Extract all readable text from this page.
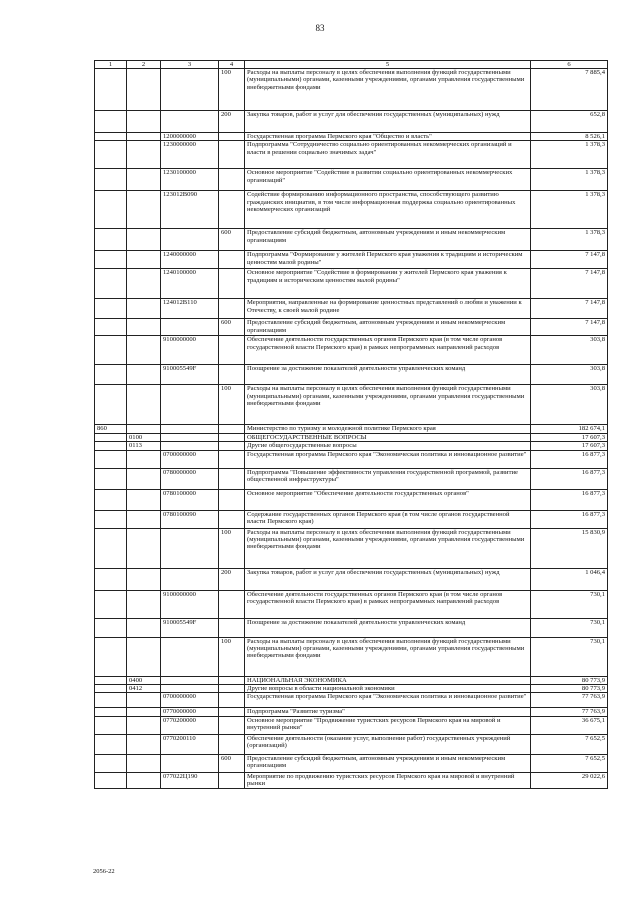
83
1	2	3	4	5	6
			100	Расходы на выплаты персоналу в целях обеспечения выполнения функций государственными (муниципальными) органами, казенными учреждениями, органами управления государственными внебюджетными фондами	7 885,4
			200	Закупка товаров, работ и услуг для обеспечения государственных (муниципальных) нужд	652,8
		1200000000		Государственная программа Пермского края "Общество и власть"	8 526,1
		1230000000		Подпрограмма "Сотрудничество социально ориентированных некоммерческих организаций и власти в решении социально значимых задач"	1 378,3
		1230100000		Основное мероприятие "Содействие в развитии социально ориентированных некоммерческих организаций"	1 378,3
		123012В090		Содействие формированию информационного пространства, способствующего развитию гражданских инициатив, в том числе информационная поддержка социально ориентированных некоммерческих организаций	1 378,3
			600	Предоставление субсидий бюджетным, автономным учреждениям и иным некоммерческим организациям	1 378,3
		1240000000		Подпрограмма "Формирование у жителей Пермского края уважения к традициям и историческим ценностям малой родины"	7 147,8
		1240100000		Основное мероприятие "Содействие в формировании у жителей Пермского края уважения к традициям и историческим ценностям малой родины"	7 147,8
		124012В110		Мероприятия, направленные на формирование ценностных представлений о любви и уважении к Отечеству, к своей малой родине	7 147,8
			600	Предоставление субсидий бюджетным, автономным учреждениям и иным некоммерческим организациям	7 147,8
		9100000000		Обеспечение деятельности государственных органов Пермского края (в том числе органов государственной власти Пермского края) в рамках непрограммных направлений расходов	303,8
		910005549F		Поощрение за достижение показателей деятельности управленческих команд	303,8
			100	Расходы на выплаты персоналу в целях обеспечения выполнения функций государственными (муниципальными) органами, казенными учреждениями, органами управления государственными внебюджетными фондами	303,8
860				Министерство по туризму и молодежной политике Пермского края	182 674,1
	0100			ОБЩЕГОСУДАРСТВЕННЫЕ ВОПРОСЫ	17 607,3
	0113			Другие общегосударственные вопросы	17 607,3
		0700000000		Государственная программа Пермского края "Экономическая политика и инновационное развитие"	16 877,3
		0780000000		Подпрограмма "Повышение эффективности управления государственной программой, развитие общественной инфраструктуры"	16 877,3
		0780100000		Основное мероприятие "Обеспечение деятельности государственных органов"	16 877,3
		0780100090		Содержание государственных органов Пермского края (в том числе органов государственной власти Пермского края)	16 877,3
			100	Расходы на выплаты персоналу в целях обеспечения выполнения функций государственными (муниципальными) органами, казенными учреждениями, органами управления государственными внебюджетными фондами	15 830,9
			200	Закупка товаров, работ и услуг для обеспечения государственных (муниципальных) нужд	1 046,4
		9100000000		Обеспечение деятельности государственных органов Пермского края (в том числе органов государственной власти Пермского края) в рамках непрограммных направлений расходов	730,1
		910005549F		Поощрение за достижение показателей деятельности управленческих команд	730,1
			100	Расходы на выплаты персоналу в целях обеспечения выполнения функций государственными (муниципальными) органами, казенными учреждениями, органами управления государственными внебюджетными фондами	730,1
	0400			НАЦИОНАЛЬНАЯ ЭКОНОМИКА	80 773,9
	0412			Другие вопросы в области национальной экономики	80 773,9
		0700000000		Государственная программа Пермского края "Экономическая политика и инновационное развитие"	77 763,9
		0770000000		Подпрограмма "Развитие туризма"	77 763,9
		0770200000		Основное мероприятие "Продвижение туристских ресурсов Пермского края на мировой и внутренний рынки"	36 675,1
		0770200110		Обеспечение деятельности (оказание услуг, выполнение работ) государственных учреждений (организаций)	7 652,5
			600	Предоставление субсидий бюджетным, автономным учреждениям и иным некоммерческим организациям	7 652,5
		077022Ц190		Мероприятие по продвижению туристских ресурсов Пермского края на мировой и внутренний рынки	29 022,6
2056-22
